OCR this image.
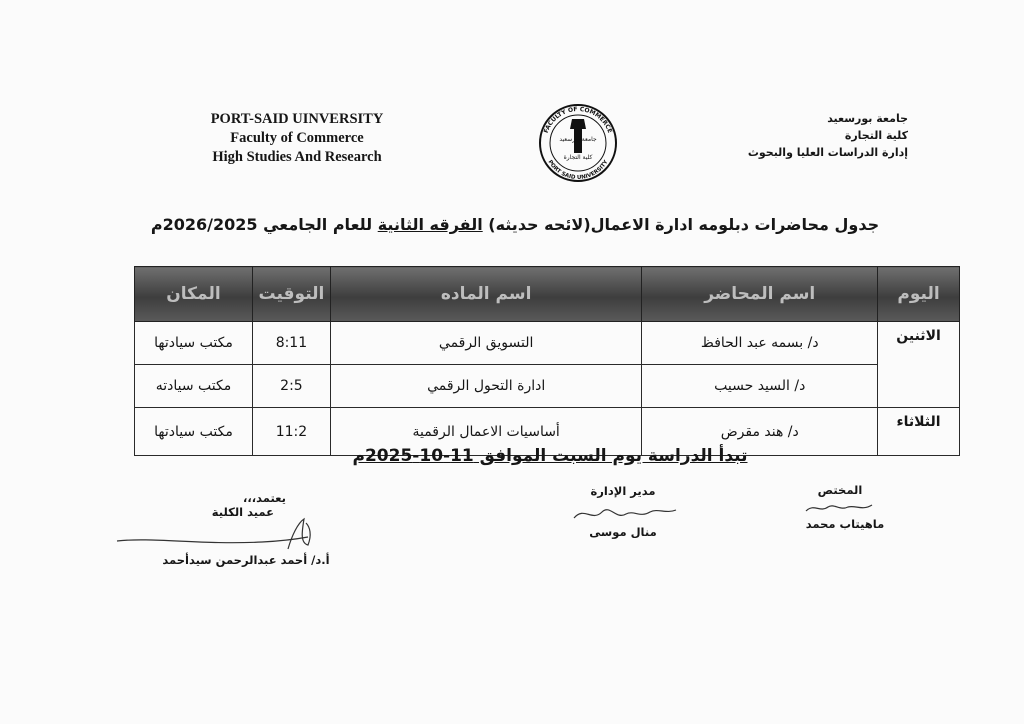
PORT-SAID UINVERSITY
Faculty of Commerce
High Studies And Research
جامعة بورسعيد
كلية التجارة
إدارة الدراسات العليا والبحوث
FACULTY OF COMMERCE
PORT SAID UNIVERSITY
جامعة بورسعيد
كلية التجارة
جدول محاضرات دبلومه ادارة الاعمال(لائحه حديثه) الفرقه الثانية للعام الجامعي 2026/2025م
اليوم	اسم المحاضر	اسم الماده	التوقيت	المكان
الاثنين	د/ بسمه عبد الحافظ	التسويق الرقمي	8:11	مكتب سيادتها
	د/ السيد حسيب	ادارة التحول الرقمي	2:5	مكتب سيادته
الثلاثاء	د/ هند مقرض	أساسيات الاعمال الرقمية	11:2	مكتب سيادتها
تبدأ الدراسة يوم السبت الموافق 11-10-2025م
يعتمد،،،
عميد الكلية
أ.د/ أحمد عبدالرحمن سيدأحمد
مدير الإدارة
منال موسى
المختص
ماهيتاب محمد
